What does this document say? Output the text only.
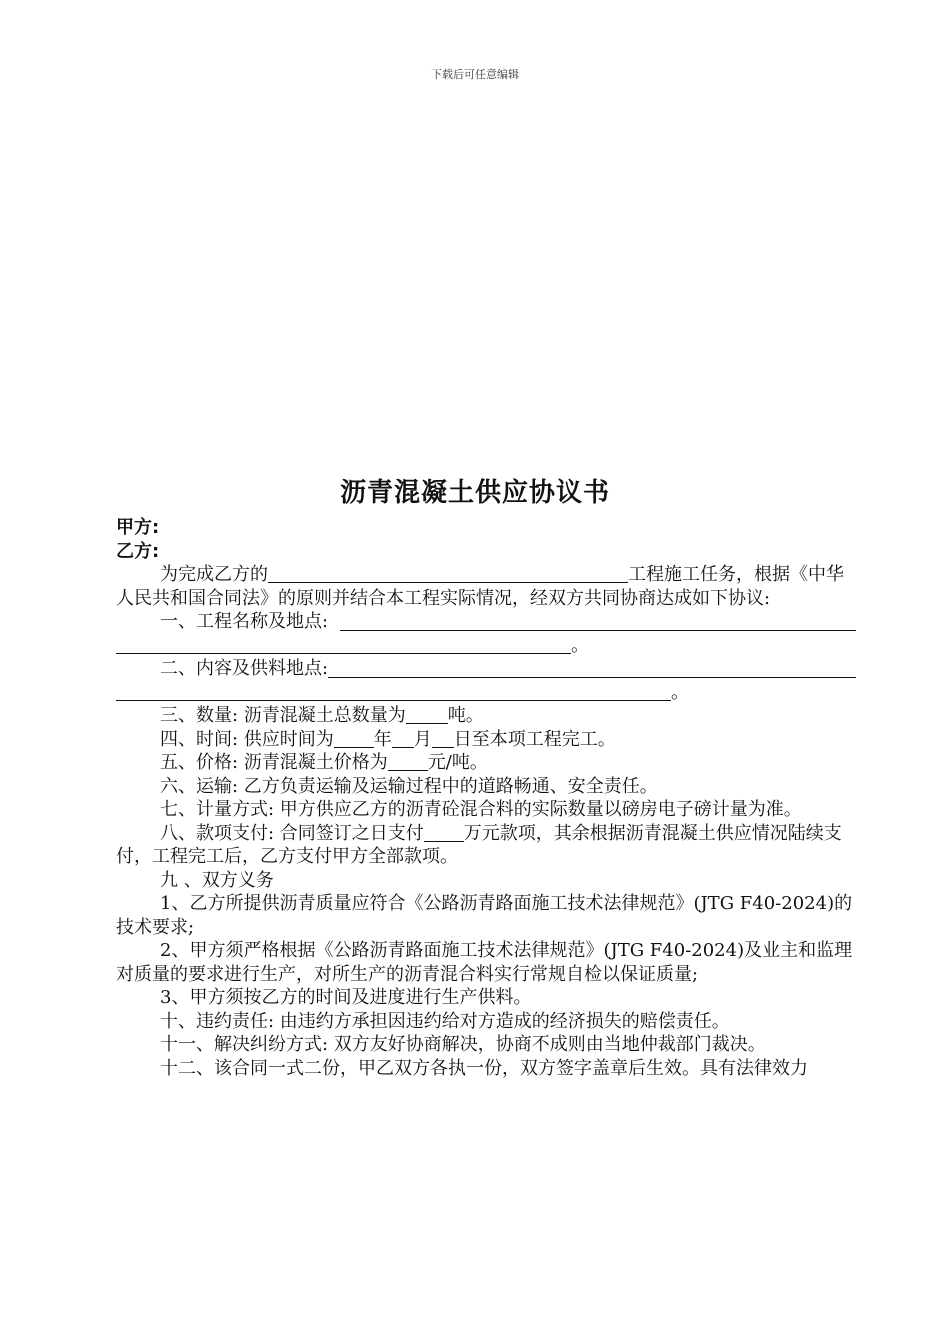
下载后可任意编辑
沥青混凝土供应协议书

甲方:

乙方:

为完成乙方的	工程施工任务，根据《中华人民共和国合同法》的原则并结合本工程实际情况，经双方共同协商达成如下协议:

一、工程名称及地点:

。

二、内容及供料地点:

。

三、数量: 沥青混凝土总数量为 吨。

四、时间: 供应时间为 年 月 日至本项工程完工。

五、价格: 沥青混凝土价格为 元/吨。

六、运输: 乙方负责运输及运输过程中的道路畅通、安全责任。

七、计量方式: 甲方供应乙方的沥青砼混合料的实际数量以磅房电子磅计量为准。

八、款项支付: 合同签订之日支付 万元款项，其余根据沥青混凝土供应情况陆续支付，工程完工后，乙方支付甲方全部款项。

九 、双方义务

1、乙方所提供沥青质量应符合《公路沥青路面施工技术法律规范》(JTG F40-2024)的技术要求;

2、甲方须严格根据《公路沥青路面施工技术法律规范》(JTG F40-2024)及业主和监理对质量的要求进行生产，对所生产的沥青混合料实行常规自检以保证质量;

3、甲方须按乙方的时间及进度进行生产供料。

十、违约责任: 由违约方承担因违约给对方造成的经济损失的赔偿责任。

十一、解决纠纷方式: 双方友好协商解决，协商不成则由当地仲裁部门裁决。

十二、该合同一式二份，甲乙双方各执一份，双方签字盖章后生效。具有法律效力
